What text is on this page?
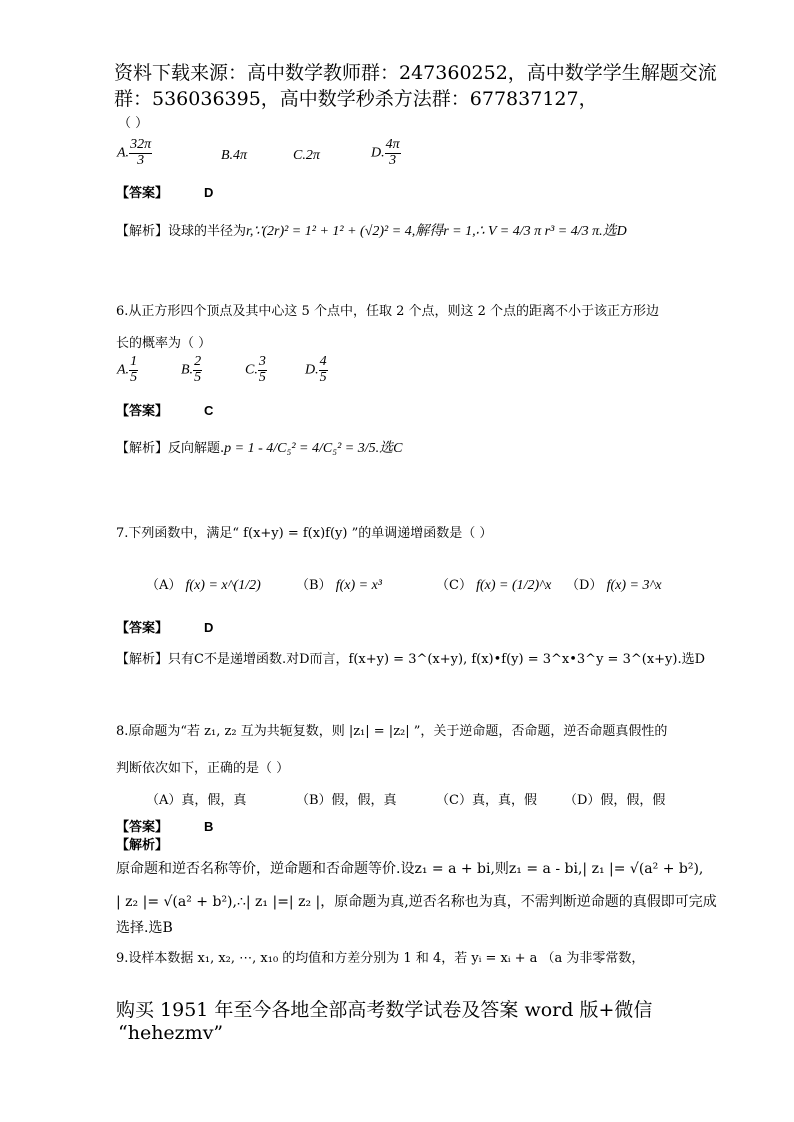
资料下载来源：高中数学教师群：247360252，高中数学学生解题交流
群：536036395，高中数学秒杀方法群：677837127，
（ ）
A. $\frac{32\pi}{3}$	B.4π	C.2π	D. $\frac{4\pi}{3}$
【答案】	D
【解析】设球的半径为r,∵(2r)² = 1² + 1² + (√2)² = 4,解得r = 1,∴ V = 4/3 π r³ = 4/3 π.选D
6.从正方形四个顶点及其中心这 5 个点中，任取 2 个点，则这 2 个点的距离不小于该正方形边
长的概率为（ ）
A. $\frac{1}{5}$	B. $\frac{2}{5}$	C. $\frac{3}{5}$	D. $\frac{4}{5}$
【答案】	C
【解析】反向解题.p = 1 - 4/C₅² = 4/C₅² = 3/5.选C
7.下列函数中，满足“ f(x+y) = f(x)f(y) ”的单调递增函数是（ ）
（A） f(x) = x^(1/2)	（B） f(x) = x³	（C） f(x) = (1/2)^x （D） f(x) = 3^x
【答案】	D
【解析】只有C不是递增函数.对D而言，f(x+y) = 3^(x+y), f(x)•f(y) = 3^x•3^y = 3^(x+y).选D
8.原命题为“若 z₁, z₂ 互为共轭复数，则 |z₁| = |z₂| ”，关于逆命题，否命题，逆否命题真假性的
判断依次如下，正确的是（ ）
（A）真，假，真	（B）假，假，真	（C）真，真，假 （D）假，假，假
【答案】	B
【解析】
原命题和逆否名称等价，逆命题和否命题等价.设z₁ = a + bi,则z₁ = a - bi,| z₁ |= √(a² + b²),
| z₂ |= √(a² + b²),∴| z₁ |=| z₂ |，原命题为真,逆否名称也为真，不需判断逆命题的真假即可完成
选择.选B
9.设样本数据 x₁, x₂, ⋯, x₁₀ 的均值和方差分别为 1 和 4，若 yᵢ = xᵢ + a （a 为非零常数，
购买 1951 年至今各地全部高考数学试卷及答案 word 版+微信
“hehezmv”
